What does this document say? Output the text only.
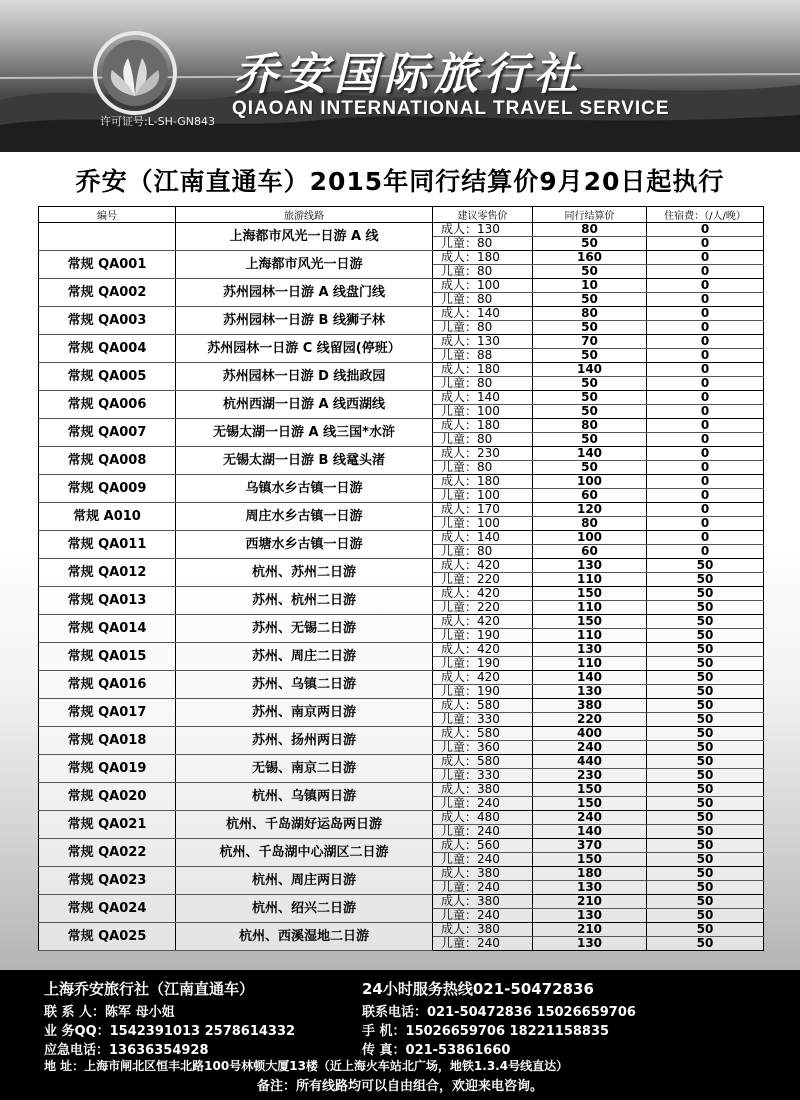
许可证号:L-SH-GN843
乔安国际旅行社
QIAOAN INTERNATIONAL TRAVEL SERVICE
乔安（江南直通车）2015年同行结算价9月20日起执行
编号	旅游线路	建议零售价	同行结算价	住宿费：（/人/晚）
	上海都市风光一日游 A 线	成人：130	80	0
		儿童：80	50	0
常规 QA001	上海都市风光一日游	成人：180	160	0
		儿童：80	50	0
常规 QA002	苏州园林一日游 A 线盘门线	成人：100	10	0
		儿童：80	50	0
常规 QA003	苏州园林一日游 B 线狮子林	成人：140	80	0
		儿童：80	50	0
常规 QA004	苏州园林一日游 C 线留园(停班）	成人：130	70	0
		儿童：88	50	0
常规 QA005	苏州园林一日游 D 线拙政园	成人：180	140	0
		儿童：80	50	0
常规 QA006	杭州西湖一日游 A 线西湖线	成人：140	50	0
		儿童：100	50	0
常规 QA007	无锡太湖一日游 A 线三国*水浒	成人：180	80	0
		儿童：80	50	0
常规 QA008	无锡太湖一日游 B 线鼋头渚	成人：230	140	0
		儿童：80	50	0
常规 QA009	乌镇水乡古镇一日游	成人：180	100	0
		儿童：100	60	0
常规 A010	周庄水乡古镇一日游	成人：170	120	0
		儿童：100	80	0
常规 QA011	西塘水乡古镇一日游	成人：140	100	0
		儿童：80	60	0
常规 QA012	杭州、苏州二日游	成人：420	130	50
		儿童：220	110	50
常规 QA013	苏州、杭州二日游	成人：420	150	50
		儿童：220	110	50
常规 QA014	苏州、无锡二日游	成人：420	150	50
		儿童：190	110	50
常规 QA015	苏州、周庄二日游	成人：420	130	50
		儿童：190	110	50
常规 QA016	苏州、乌镇二日游	成人：420	140	50
		儿童：190	130	50
常规 QA017	苏州、南京两日游	成人：580	380	50
		儿童：330	220	50
常规 QA018	苏州、扬州两日游	成人：580	400	50
		儿童：360	240	50
常规 QA019	无锡、南京二日游	成人：580	440	50
		儿童：330	230	50
常规 QA020	杭州、乌镇两日游	成人：380	150	50
		儿童：240	150	50
常规 QA021	杭州、千岛湖好运岛两日游	成人：480	240	50
		儿童：240	140	50
常规 QA022	杭州、千岛湖中心湖区二日游	成人：560	370	50
		儿童：240	150	50
常规 QA023	杭州、周庄两日游	成人：380	180	50
		儿童：240	130	50
常规 QA024	杭州、绍兴二日游	成人：380	210	50
		儿童：240	130	50
常规 QA025	杭州、西溪湿地二日游	成人：380	210	50
		儿童：240	130	50
上海乔安旅行社（江南直通车）	24小时服务热线021-50472836
联 系 人：陈军 母小姐	联系电话：021-50472836 15026659706
业 务QQ：1542391013 2578614332	手 机：15026659706 18221158835
应急电话：13636354928	传 真：021-53861660
地 址：上海市闸北区恒丰北路100号林顿大厦13楼（近上海火车站北广场，地铁1.3.4号线直达）
备注：所有线路均可以自由组合，欢迎来电咨询。
